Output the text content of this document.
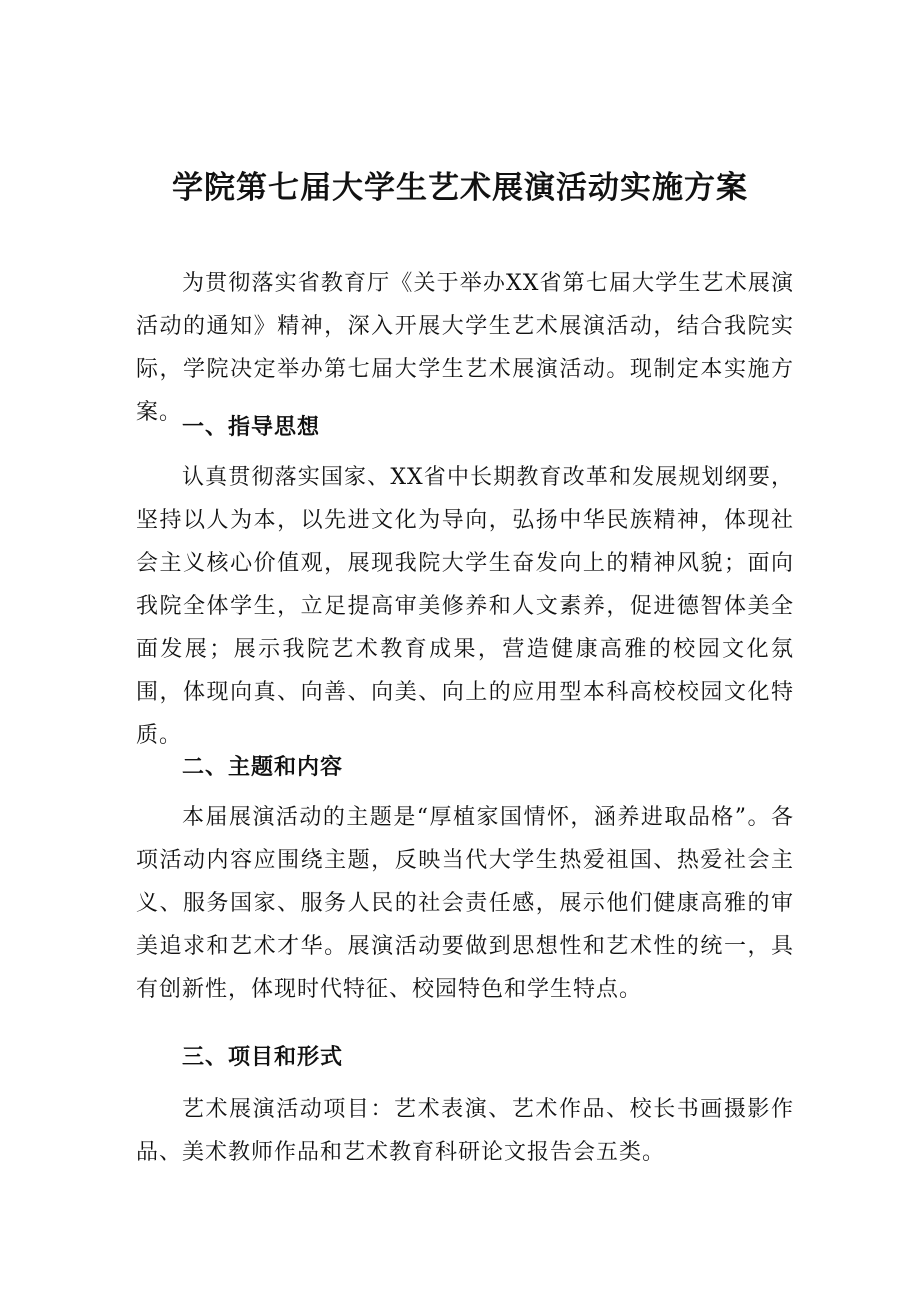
学院第七届大学生艺术展演活动实施方案

为贯彻落实省教育厅《关于举办XX省第七届大学生艺术展演活动的通知》精神，深入开展大学生艺术展演活动，结合我院实际，学院决定举办第七届大学生艺术展演活动。现制定本实施方案。

一、指导思想

认真贯彻落实国家、XX省中长期教育改革和发展规划纲要，坚持以人为本，以先进文化为导向，弘扬中华民族精神，体现社会主义核心价值观，展现我院大学生奋发向上的精神风貌；面向我院全体学生，立足提高审美修养和人文素养，促进德智体美全面发展；展示我院艺术教育成果，营造健康高雅的校园文化氛围，体现向真、向善、向美、向上的应用型本科高校校园文化特质。

二、主题和内容

本届展演活动的主题是“厚植家国情怀，涵养进取品格”。各项活动内容应围绕主题，反映当代大学生热爱祖国、热爱社会主义、服务国家、服务人民的社会责任感，展示他们健康高雅的审美追求和艺术才华。展演活动要做到思想性和艺术性的统一，具有创新性，体现时代特征、校园特色和学生特点。

三、项目和形式

艺术展演活动项目：艺术表演、艺术作品、校长书画摄影作品、美术教师作品和艺术教育科研论文报告会五类。
